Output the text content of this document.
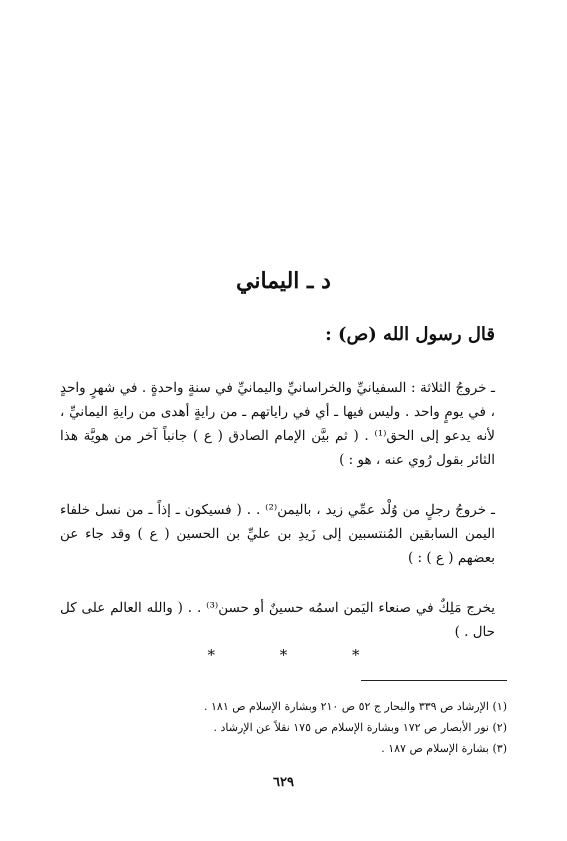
د ـ اليماني
قال رسول الله (ص) :

ـ خروجُ الثلاثة : السفيانيِّ والخراسانيِّ واليمانيِّ في سنةٍ واحدةٍ . في شهرٍ واحدٍ ، في يومٍ واحد . وليس فيها ـ أي في راياتهم ـ من رايةٍ أهدى من رايةِ اليمانيِّ ، لأنه يدعو إلى الحق⁽¹⁾ . ( ثم بيَّن الإمام الصادق ( ع ) جانباً آخر من هويَّة هذا الثائر بقول رُوي عنه ، هو : )

ـ خروجُ رجلٍ من وُلْد عمِّي زيد ، باليمن⁽²⁾ . . ( فسيكون ـ إذاً ـ من نسل خلفاء اليمن السابقين المُنتسبين إلى زَيدِ بن عليِّ بن الحسين ( ع ) وقد جاء عن بعضهم ( ع ) : )

يخرج مَلِكٌ في صنعاء اليَمن اسمُه حسينٌ أو حسن⁽³⁾ . . ( والله العالم على كل حال . )

* * *

(١) الإرشاد ص ٣٣٩ والبحار ج ٥٢ ص ٢١٠ وبشارة الإسلام ص ١٨١ .

(٢) نور الأبصار ص ١٧٢ وبشارة الإسلام ص ١٧٥ نقلاً عن الإرشاد .

(٣) بشارة الإسلام ص ١٨٧ .

٦٢٩
